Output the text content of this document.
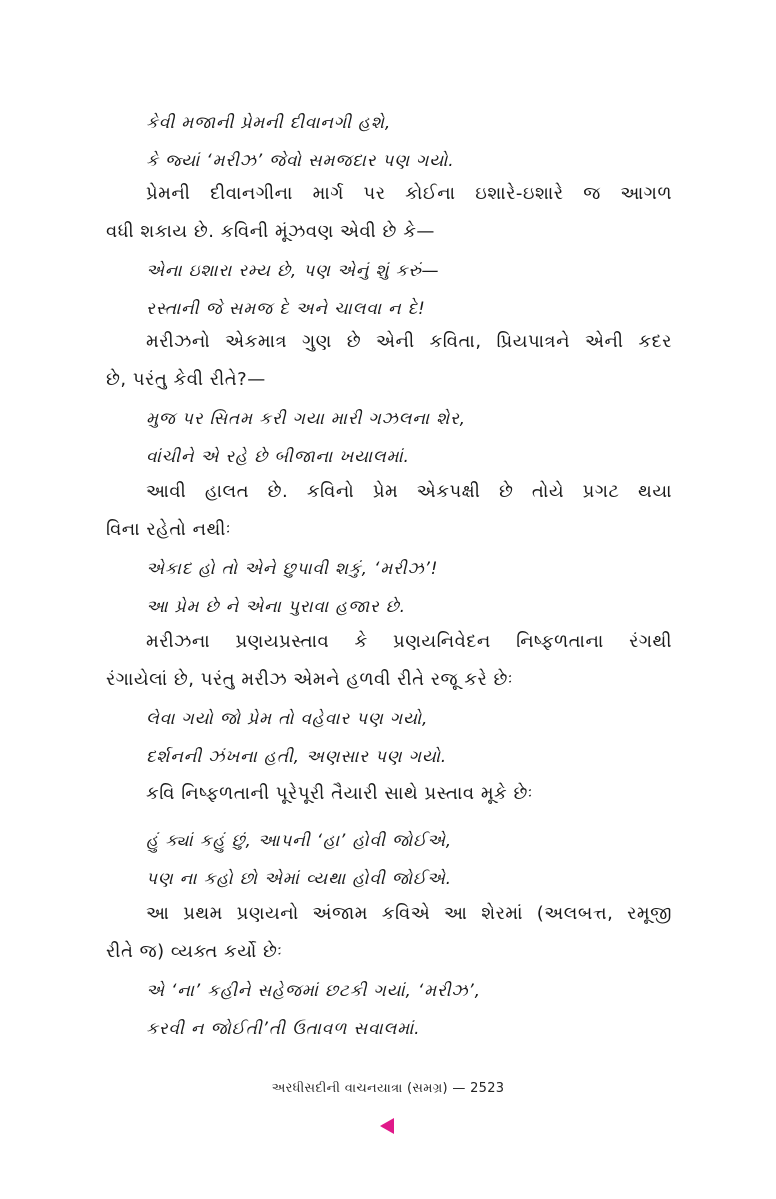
કેવી મજાની પ્રેમની દીવાનગી હશે,
કે જ્યાં ‘મરીઝ’ જેવો સમજદાર પણ ગયો.
પ્રેમની દીવાનગીના માર્ગ પર કોઈના ઇશારે-ઇશારે જ આગળ
વધી શકાય છે. કવિની મૂંઝવણ એવી છે કે—
એના ઇશારા રમ્ય છે, પણ એનું શું કરું—
રસ્તાની જે સમજ દે અને ચાલવા ન દે!
મરીઝનો એકમાત્ર ગુણ છે એની કવિતા, પ્રિયપાત્રને એની કદર
છે, પરંતુ કેવી રીતે?—
મુજ પર સિતમ કરી ગયા મારી ગઝલના શેર,
વાંચીને એ રહે છે બીજાના ખયાલમાં.
આવી હાલત છે. કવિનો પ્રેમ એકપક્ષી છે તોયે પ્રગટ થયા
વિના રહેતો નથીઃ
એકાદ હો તો એને છુપાવી શકું, ‘મરીઝ’!
આ પ્રેમ છે ને એના પુરાવા હજાર છે.
મરીઝના પ્રણયપ્રસ્તાવ કે પ્રણયનિવેદન નિષ્ફળતાના રંગથી
રંગાયેલાં છે, પરંતુ મરીઝ એમને હળવી રીતે રજૂ કરે છેઃ
લેવા ગયો જો પ્રેમ તો વહેવાર પણ ગયો,
દર્શનની ઝંખના હતી, અણસાર પણ ગયો.
કવિ નિષ્ફળતાની પૂરેપૂરી તૈયારી સાથે પ્રસ્તાવ મૂકે છેઃ
હું ક્યાં કહું છું, આપની ‘હા’ હોવી જોઈએ,
પણ ના કહો છો એમાં વ્યથા હોવી જોઈએ.
આ પ્રથમ પ્રણયનો અંજામ કવિએ આ શેરમાં (અલબત્ત, રમૂજી
રીતે જ) વ્યક્ત કર્યો છેઃ
એ ‘ના’ કહીને સહેજમાં છટકી ગયાં, ‘મરીઝ’,
કરવી ન જોઈતી’તી ઉતાવળ સવાલમાં.
અરધીસદીની વાચનયાત્રા (સમગ્ર) — 2523
